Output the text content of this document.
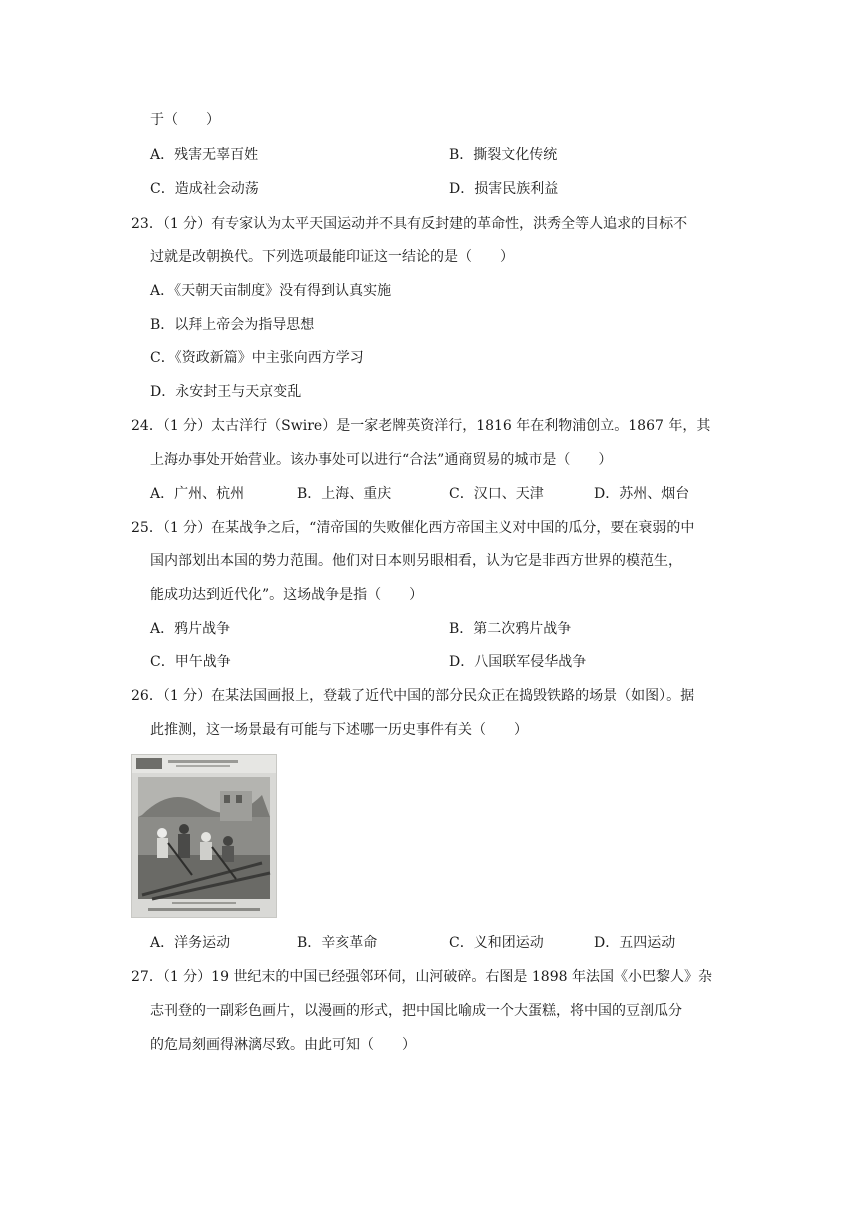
于（　　）
A．残害无辜百姓	B．撕裂文化传统
C．造成社会动荡	D．损害民族利益
23．（1 分）有专家认为太平天国运动并不具有反封建的革命性，洪秀全等人追求的目标不
过就是改朝换代。下列选项最能印证这一结论的是（　　）
A．《天朝天亩制度》没有得到认真实施
B．以拜上帝会为指导思想
C．《资政新篇》中主张向西方学习
D．永安封王与天京变乱
24．（1 分）太古洋行（Swire）是一家老牌英资洋行，1816 年在利物浦创立。1867 年，其
上海办事处开始营业。该办事处可以进行“合法”通商贸易的城市是（　　）
A．广州、杭州	B．上海、重庆	C．汉口、天津	D．苏州、烟台
25．（1 分）在某战争之后，“清帝国的失败催化西方帝国主义对中国的瓜分，要在衰弱的中
国内部划出本国的势力范围。他们对日本则另眼相看，认为它是非西方世界的模范生，
能成功达到近代化”。这场战争是指（　　）
A．鸦片战争	B．第二次鸦片战争
C．甲午战争	D．八国联军侵华战争
26．（1 分）在某法国画报上，登载了近代中国的部分民众正在捣毁铁路的场景（如图）。据
此推测，这一场景最有可能与下述哪一历史事件有关（　　）
A．洋务运动	B．辛亥革命	C．义和团运动	D．五四运动
27．（1 分）19 世纪末的中国已经强邻环伺，山河破碎。右图是 1898 年法国《小巴黎人》杂
志刊登的一副彩色画片，以漫画的形式，把中国比喻成一个大蛋糕，将中国的豆剖瓜分
的危局刻画得淋漓尽致。由此可知（　　）
